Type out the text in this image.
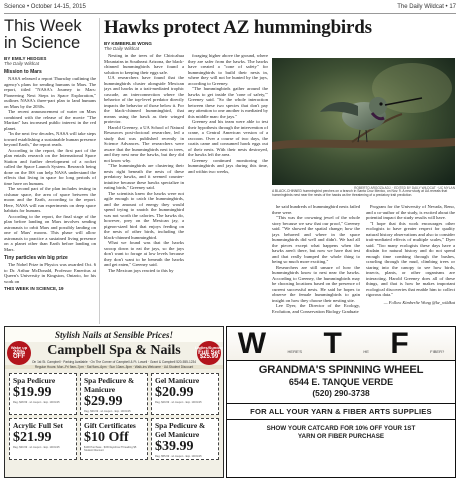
Science • October 14-15, 2015	The Daily Wildcat • 17
This Week
in Science
BY EMILY HEDGES
The Daily Wildcat
Mission to Mars

NASA released a report Thursday outlining the agency's plans for sending humans to Mars. The report, titled "NASA's Journey to Mars: Pioneering Next Steps in Space Exploration," outlines NASA's three-part plan to land humans on Mars by the 2030s.

The recent announcement of water on Mars combined with the release of the movie "The Martian" has increased public interest in the red planet.

"In the next few decades, NASA will take steps toward establishing a sustainable human presence beyond Earth," the report reads.

According to the report, the first part of the plan entails research on the International Space Station and further development of a rocket called the Space Launch System. Research being done on the ISS can help NASA understand the effects that living in space for long periods of time have on humans.

The second part of the plan includes testing in cislunar space, the area of space between the moon and the Earth, according to the report. Here, NASA will run experiments on deep space habitats for humans.

According to the report, the final stage of the plan before landing on Mars involves sending astronauts to orbit Mars and possibly landing on one of Mars' moons. This phase will allow astronauts to practice a sustained living presence on a planet other than Earth before landing on Mars.

Tiny particles win big prize

The Nobel Prize in Physics was awarded Oct. 6 to Dr. Arthur McDonald, Professor Emeritus at Queen's University in Kingston, Ontario, for his work on

THIS WEEK IN SCIENCE, 19
Hawks protect AZ hummingbirds
BY KIMBERLIE WONG
The Daily Wildcat

Nesting in the trees of the Chiricahua Mountains in Southeast Arizona, the black-chinned hummingbirds have found a solution to keeping their eggs safe.

UA researchers have found that the hummingbirds cluster alongside Mexican jays and hawks in a trait-mediated trophic cascade, an interconnection where the behavior of the top-level predator directly impacts the behavior of those below it. For the black-chinned hummingbird, that means using the hawk as their winged protector.

Harold Greeney, a UA School of Natural Resources post-doctoral researcher, led a study that was published recently in Science Advances. The researchers were aware that the hummingbirds nest in trees, and they nest near the hawks, but they did not know why.

"The hummingbirds are clustering their nests right beneath the nests of these predatory hawks, and it seemed counter-intuitive because these hawks specialize in eating birds," Greeney said.

The scientists knew the hawks were not agile enough to catch the hummingbirds, and the amount of energy they would spend trying to snatch the hummingbird was not worth the calories. The hawks do, however, prey on the Mexican jay, a pigeon-sized bird that enjoys feeding on the nests of other birds, including the black-chinned hummingbird.

What we found was that the hawks swoop down to eat the jays, so the jays don't want to forage at low levels because they don't want to be beneath the hawks and get eaten," Greeney said.

The Mexican jays reacted to this by

foraging higher above the ground, where they are safer from the hawks. The hawks have created a "cone of safety" for hummingbirds to build their nests in, where they will not be hunted by the jays, according to Greeney.

"The hummingbirds gather around the hawks to get inside the 'cone of safety,'" Greeney said. "So the whole interaction between these two species that don't pay any attention to one another is mediated by this middle man: the jays."

Greeney and his team were able to test their hypothesis through the intervention of crane, a Central American version of a raccoon. Over a course of two days, the coatis came and consumed hawk eggs out of their nests. With their nests destroyed, the hawks left the area.

Greeney continued monitoring the hummingbirds and jays during this time, and within two weeks,

ROBERTO ARGOZA ADJ. · EDITED BY DAILY WILDCAT · UC MYLAN
A BLACK-CHINNED hummingbird perches on a branch in Santa Cruz Mexico, on Nov. 9. A new study at UA reveals that hummingbirds nest near the nests of the hawks as the threatening of a predatory trait prediction.

he said hundreds of hummingbird nests failed there were.

"This was the crowning jewel of the whole story because we saw that our proof," Greeney said. "We showed the spatial change; how the jays behaved and where in the space hummingbirds did well and didn't. We had all the pieces except what happens when the hawks aren't there, but now we have that test and that really bumped the whole thing to being so much more exciting."

Researchers are still unsure of how the hummingbirds know to nest near the hawks. According to Greeney, the hummingbirds may be choosing locations based on the presence of current successful nests. He said he hopes to observe the female hummingbirds to gain insight on how they choose their nesting site.

Lee Dyer, the Director of the Ecology, Evolution, and Conservation Biology Graduate

Program for the University of Nevada, Reno, and a co-author of the study, is excited about the potential impact the study results will have.

"I hope that this work encourages other ecologists to have greater respect for quality natural history observations and also to consider trait-mediated effects of multiple scales," Dyer said. "Too many ecologists these days have a disdain for natural history and do not spend enough time combing through the bushes, crawling through the mud, climbing trees or staring into the canopy to see how birds, insects, plants, or other organisms are interacting. Harold Greeney does all of these things, and that is how he makes important ecological discoveries that enable him to collect rigorous data."

— Follow Kimberlie Wong @ke_wildkat
Stylish Nails at Sensible Prices!
Wake up
20% OFF
Ladies/Sunday
Full Set $25.99
Campbell Spa & Nails
On 1st St. Campbell · Parking Available · On The Corner of Campbell & Ft. Lowell · Grant & Campbell 520-555-1234
Regular Hours: Mon–Fri 9am–7pm · Sat 9am–6pm · Sun 10am–5pm · Walk-ins Welcome · UA Student Discount
Spa Pedicure
$19.99
Reg. $28.99 · w/ coupon · Exp. 10/31/15
Spa Pedicure & Manicure
$29.99
Reg. $39.99 · w/ coupon · Exp. 10/31/15
Gel Manicure
$20.99
Reg. $29.99 · w/ coupon · Exp. 10/31/15
Acrylic Full Set
$21.99
Reg. $30.99 · w/ coupon · Exp. 10/31/15
Gift Certificates
$10 Off
$100 Purchase · $150 Eyebrow Threading $5 Student Discount
Spa Pedicure & Gel Manicure
$39.99
Reg. $55.99 · w/ coupon · Exp. 10/31/15
W	HERE'S T	HE F	FIBER?
GRANDMA'S SPINNING WHEEL
6544 E. TANQUE VERDE
(520) 290-3738
FOR ALL YOUR YARN & FIBER ARTS SUPPLIES
SHOW YOUR CATCARD FOR 10% OFF YOUR 1ST
YARN OR FIBER PURCHASE
